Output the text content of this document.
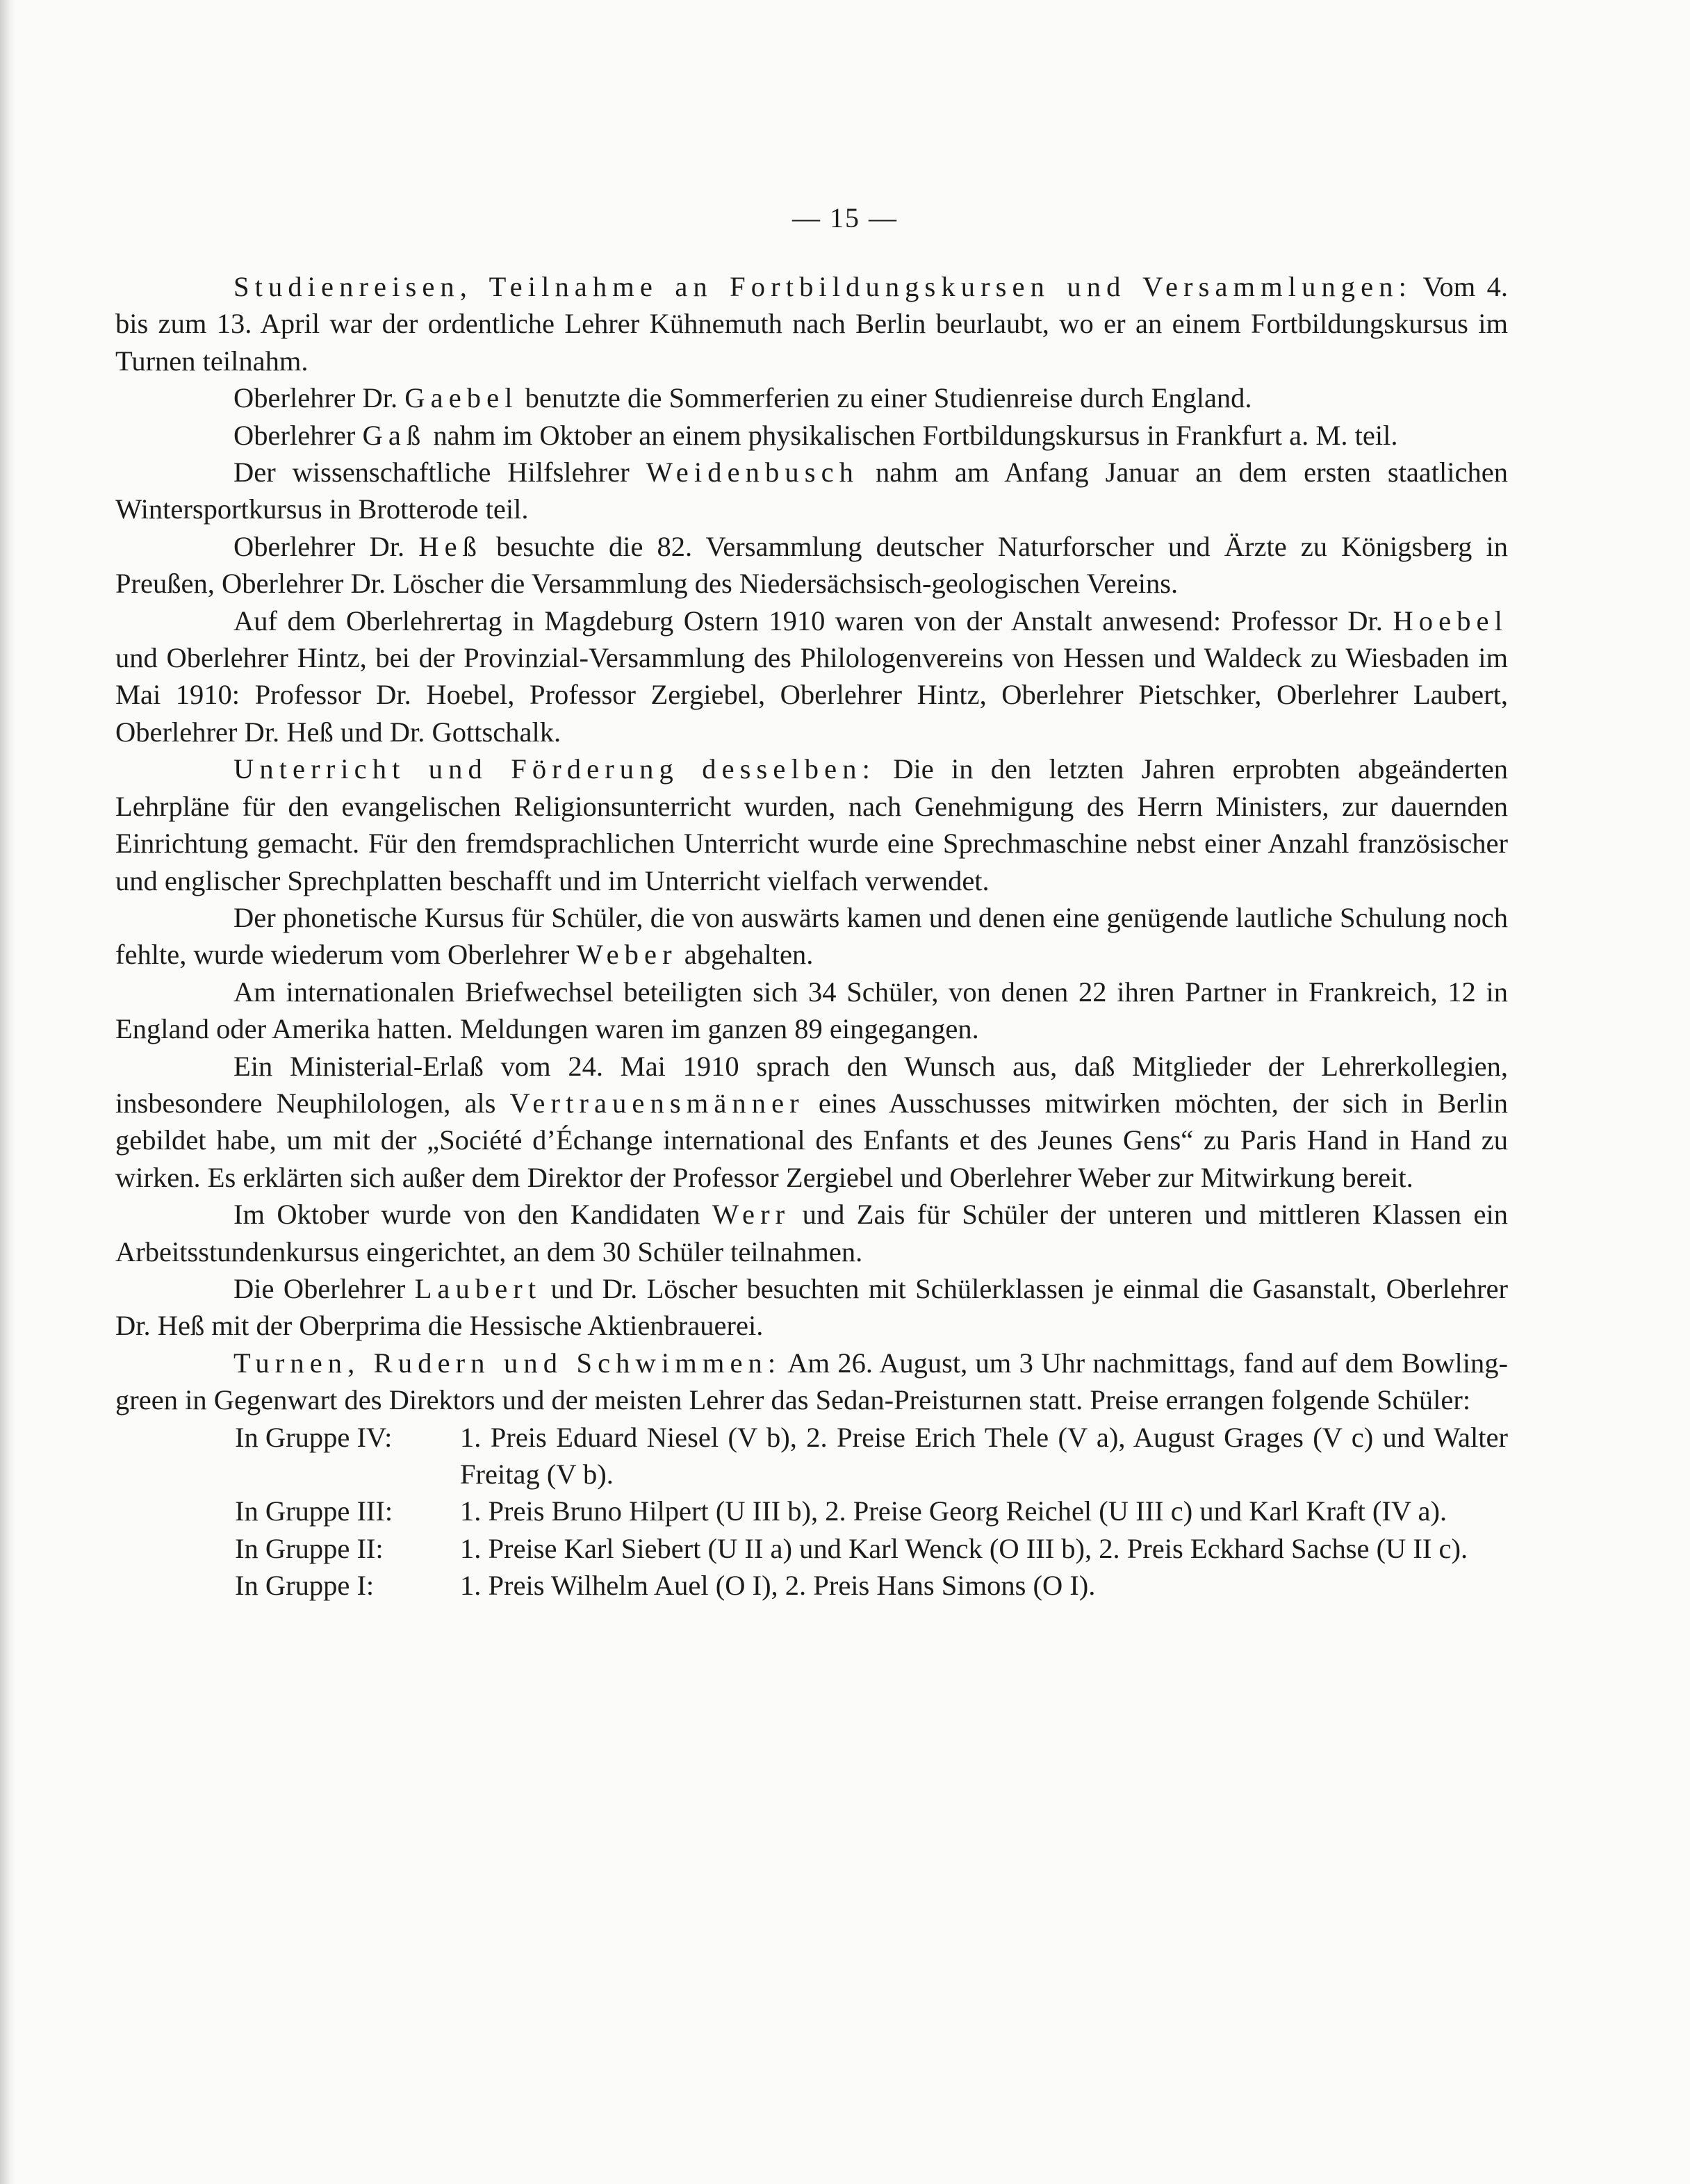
— 15 —

Studienreisen, Teilnahme an Fortbildungskursen und Versammlungen: Vom 4. bis zum 13. April war der ordentliche Lehrer Kühnemuth nach Berlin beurlaubt, wo er an einem Fortbildungskursus im Turnen teilnahm.

Oberlehrer Dr. Gaebel benutzte die Sommerferien zu einer Studienreise durch England.

Oberlehrer Gaß nahm im Oktober an einem physikalischen Fortbildungskursus in Frankfurt a. M. teil.

Der wissenschaftliche Hilfslehrer Weidenbusch nahm am Anfang Januar an dem ersten staatlichen Wintersportkursus in Brotterode teil.

Oberlehrer Dr. Heß besuchte die 82. Versammlung deutscher Naturforscher und Ärzte zu Königsberg in Preußen, Oberlehrer Dr. Löscher die Versammlung des Niedersächsisch-geologischen Vereins.

Auf dem Oberlehrertag in Magdeburg Ostern 1910 waren von der Anstalt anwesend: Professor Dr. Hoebel und Oberlehrer Hintz, bei der Provinzial-Versammlung des Philologenvereins von Hessen und Waldeck zu Wiesbaden im Mai 1910: Professor Dr. Hoebel, Professor Zergiebel, Oberlehrer Hintz, Oberlehrer Pietschker, Oberlehrer Laubert, Oberlehrer Dr. Heß und Dr. Gottschalk.

Unterricht und Förderung desselben: Die in den letzten Jahren erprobten abgeänderten Lehrpläne für den evangelischen Religionsunterricht wurden, nach Genehmigung des Herrn Ministers, zur dauernden Einrichtung gemacht. Für den fremdsprachlichen Unterricht wurde eine Sprechmaschine nebst einer Anzahl französischer und englischer Sprechplatten beschafft und im Unterricht vielfach verwendet.

Der phonetische Kursus für Schüler, die von auswärts kamen und denen eine genügende lautliche Schulung noch fehlte, wurde wiederum vom Oberlehrer Weber abgehalten.

Am internationalen Briefwechsel beteiligten sich 34 Schüler, von denen 22 ihren Partner in Frankreich, 12 in England oder Amerika hatten. Meldungen waren im ganzen 89 eingegangen.

Ein Ministerial-Erlaß vom 24. Mai 1910 sprach den Wunsch aus, daß Mitglieder der Lehrerkollegien, insbesondere Neuphilologen, als Vertrauensmänner eines Ausschusses mitwirken möchten, der sich in Berlin gebildet habe, um mit der „Société d’Échange international des Enfants et des Jeunes Gens“ zu Paris Hand in Hand zu wirken. Es erklärten sich außer dem Direktor der Professor Zergiebel und Oberlehrer Weber zur Mitwirkung bereit.

Im Oktober wurde von den Kandidaten Werr und Zais für Schüler der unteren und mittleren Klassen ein Arbeitsstundenkursus eingerichtet, an dem 30 Schüler teilnahmen.

Die Oberlehrer Laubert und Dr. Löscher besuchten mit Schülerklassen je einmal die Gasanstalt, Oberlehrer Dr. Heß mit der Oberprima die Hessische Aktienbrauerei.

Turnen, Rudern und Schwimmen: Am 26. August, um 3 Uhr nachmittags, fand auf dem Bowling-green in Gegenwart des Direktors und der meisten Lehrer das Sedan-Preisturnen statt. Preise errangen folgende Schüler:

In Gruppe IV: 1. Preis Eduard Niesel (V b), 2. Preise Erich Thele (V a), August Grages (V c) und Walter Freitag (V b).
In Gruppe III: 1. Preis Bruno Hilpert (U III b), 2. Preise Georg Reichel (U III c) und Karl Kraft (IV a).
In Gruppe II:	1. Preise Karl Siebert (U II a) und Karl Wenck (O III b), 2. Preis Eckhard Sachse (U II c).
In Gruppe I:	1. Preis Wilhelm Auel (O I), 2. Preis Hans Simons (O I).
